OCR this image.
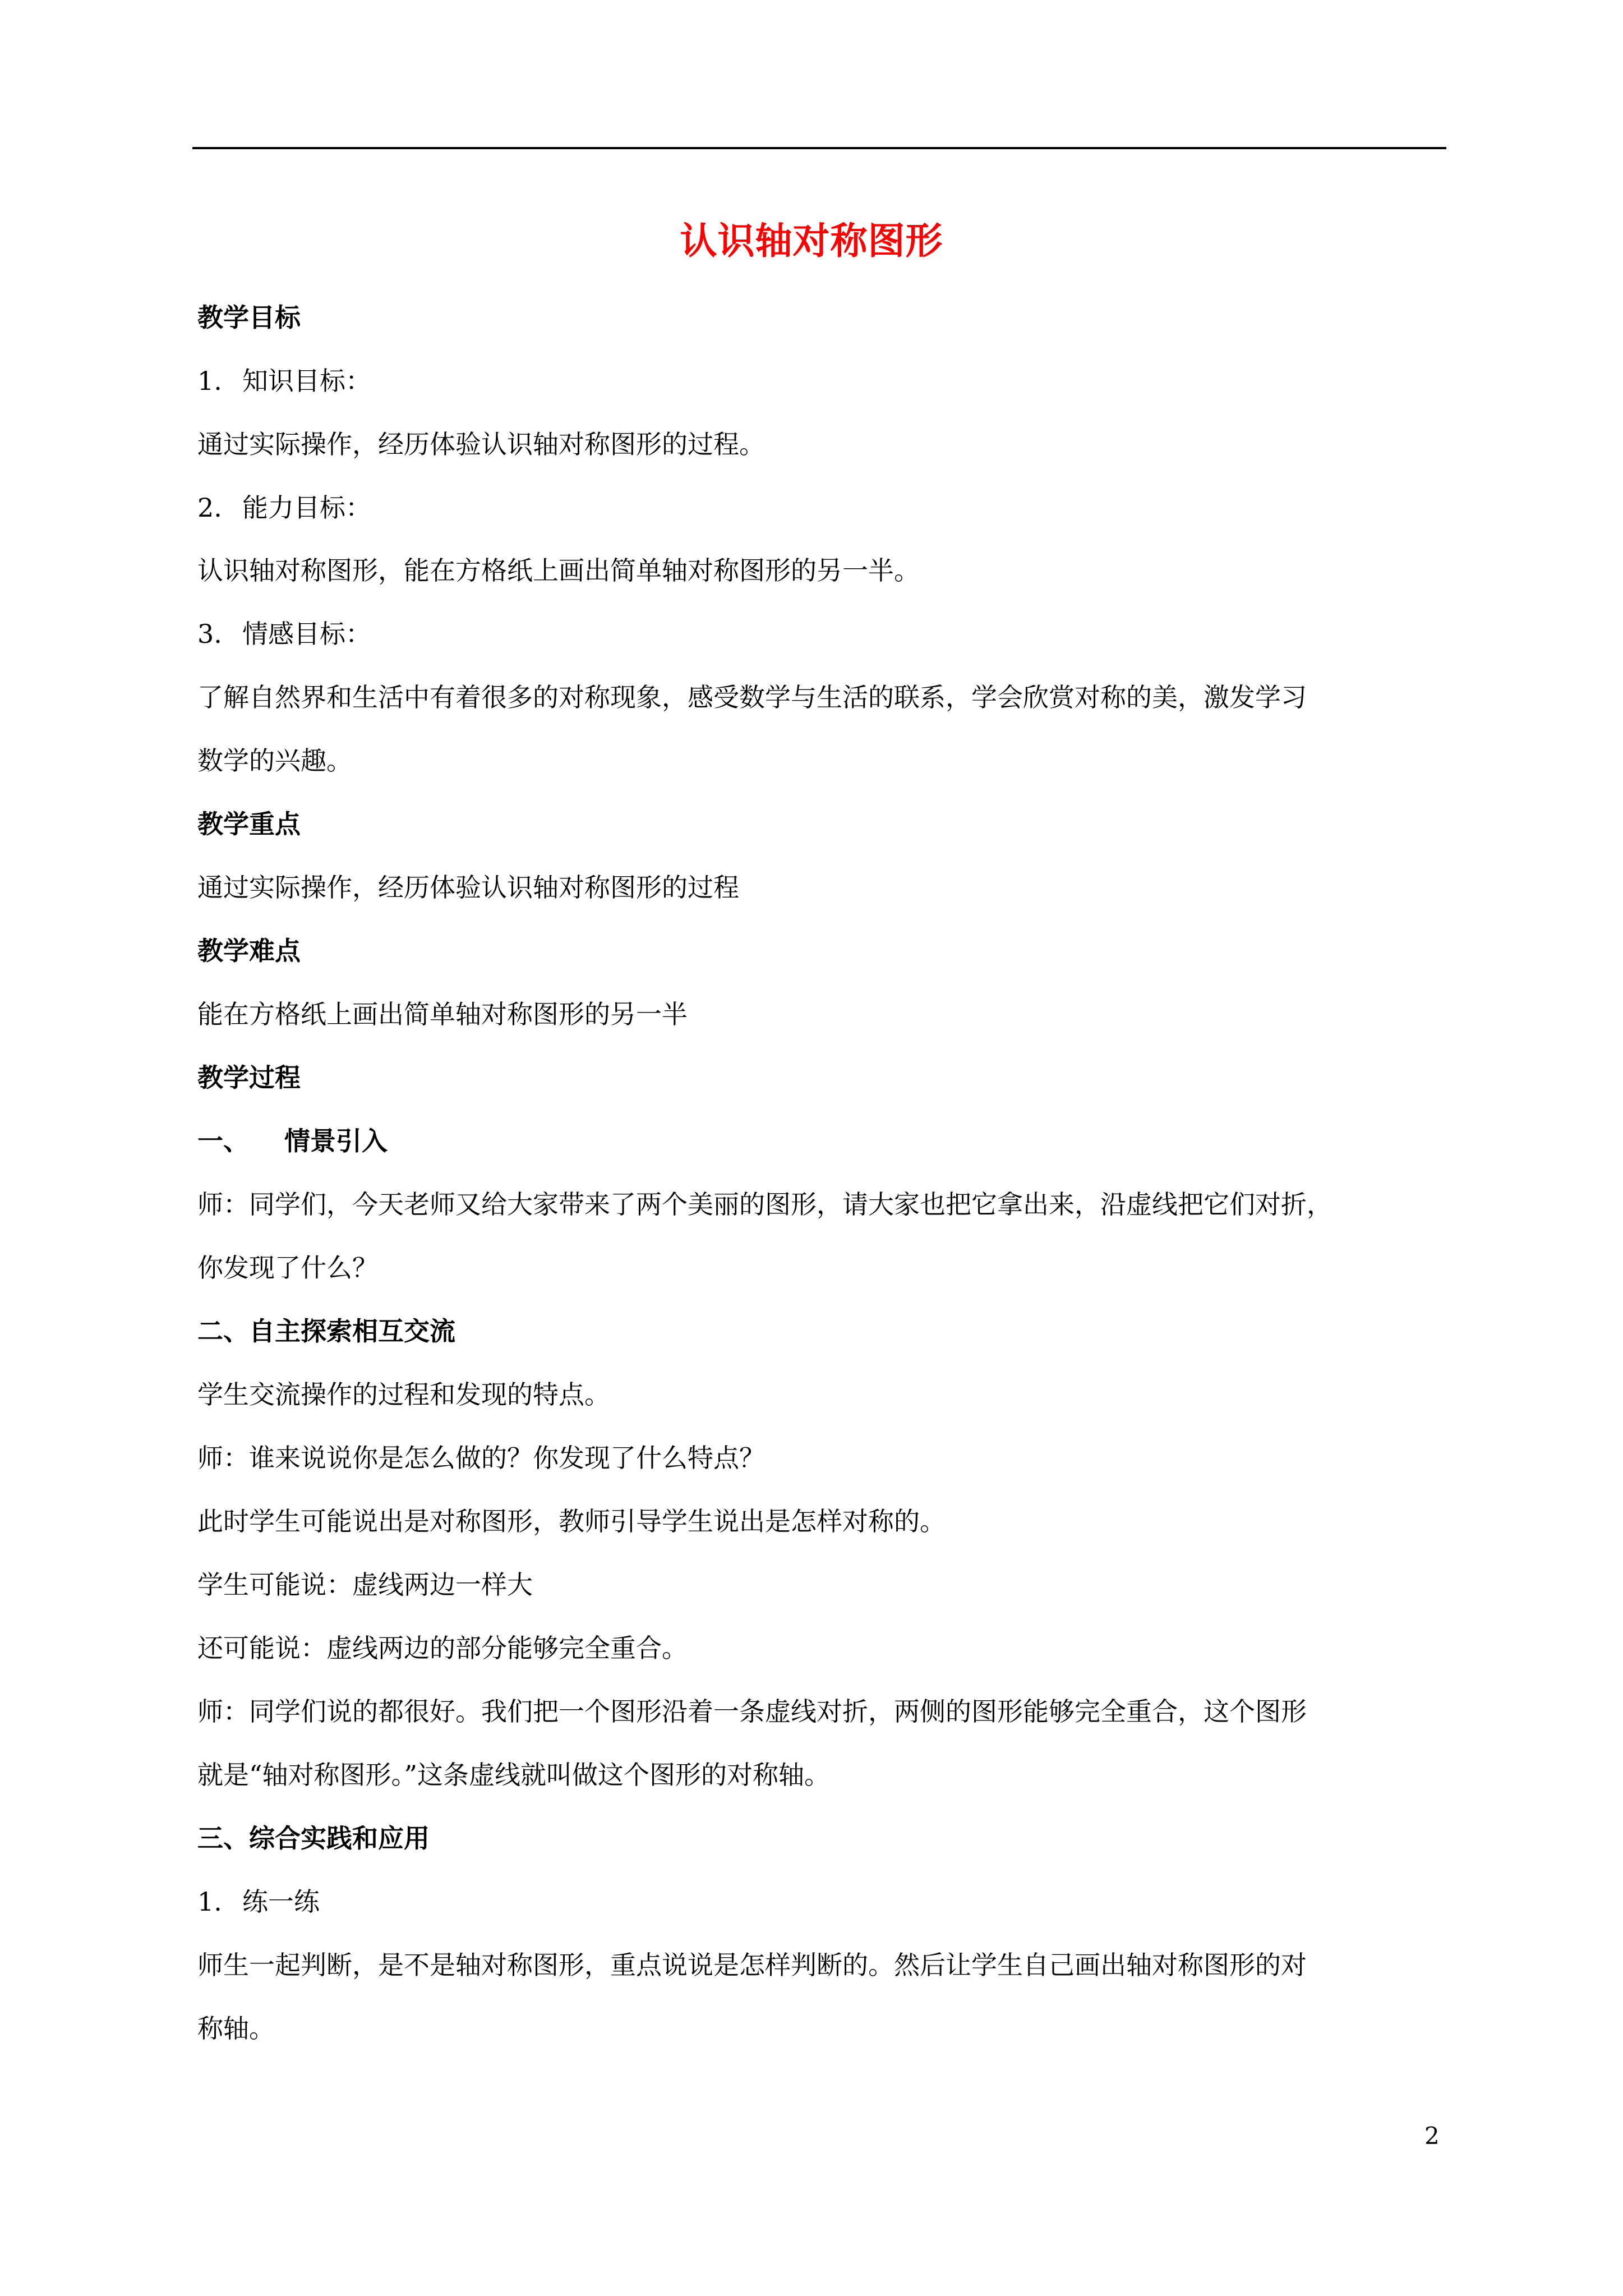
认识轴对称图形
教学目标
1. 知识目标：
通过实际操作，经历体验认识轴对称图形的过程。
2. 能力目标：
认识轴对称图形，能在方格纸上画出简单轴对称图形的另一半。
3. 情感目标：
了解自然界和生活中有着很多的对称现象，感受数学与生活的联系，学会欣赏对称的美，激发学习
数学的兴趣。
教学重点
通过实际操作，经历体验认识轴对称图形的过程
教学难点
能在方格纸上画出简单轴对称图形的另一半
教学过程
一、 情景引入
师：同学们，今天老师又给大家带来了两个美丽的图形，请大家也把它拿出来，沿虚线把它们对折，
你发现了什么？
二、自主探索相互交流
学生交流操作的过程和发现的特点。
师：谁来说说你是怎么做的？你发现了什么特点？
此时学生可能说出是对称图形，教师引导学生说出是怎样对称的。
学生可能说：虚线两边一样大
还可能说：虚线两边的部分能够完全重合。
师：同学们说的都很好。我们把一个图形沿着一条虚线对折，两侧的图形能够完全重合，这个图形
就是“轴对称图形。”这条虚线就叫做这个图形的对称轴。
三、综合实践和应用
1. 练一练
师生一起判断，是不是轴对称图形，重点说说是怎样判断的。然后让学生自己画出轴对称图形的对
称轴。
2
